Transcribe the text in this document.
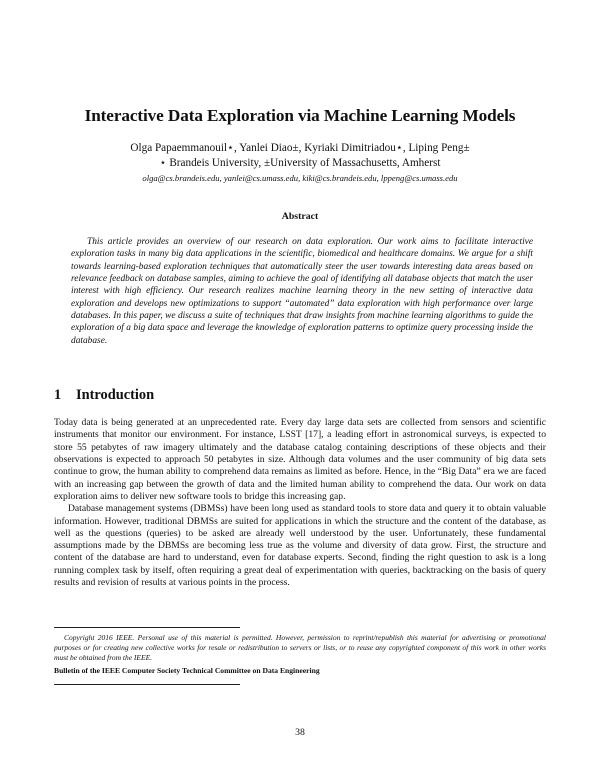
Interactive Data Exploration via Machine Learning Models
Olga Papaemmanouil⋆, Yanlei Diao±, Kyriaki Dimitriadou⋆, Liping Peng±
⋆ Brandeis University, ±University of Massachusetts, Amherst
olga@cs.brandeis.edu, yanlei@cs.umass.edu, kiki@cs.brandeis.edu, lppeng@cs.umass.edu
Abstract

This article provides an overview of our research on data exploration. Our work aims to facilitate interactive exploration tasks in many big data applications in the scientific, biomedical and healthcare domains. We argue for a shift towards learning-based exploration techniques that automatically steer the user towards interesting data areas based on relevance feedback on database samples, aiming to achieve the goal of identifying all database objects that match the user interest with high efficiency. Our research realizes machine learning theory in the new setting of interactive data exploration and develops new optimizations to support “automated” data exploration with high performance over large databases. In this paper, we discuss a suite of techniques that draw insights from machine learning algorithms to guide the exploration of a big data space and leverage the knowledge of exploration patterns to optimize query processing inside the database.

1 Introduction

Today data is being generated at an unprecedented rate. Every day large data sets are collected from sensors and scientific instruments that monitor our environment. For instance, LSST [17], a leading effort in astronomical surveys, is expected to store 55 petabytes of raw imagery ultimately and the database catalog containing descriptions of these objects and their observations is expected to approach 50 petabytes in size. Although data volumes and the user community of big data sets continue to grow, the human ability to comprehend data remains as limited as before. Hence, in the “Big Data” era we are faced with an increasing gap between the growth of data and the limited human ability to comprehend the data. Our work on data exploration aims to deliver new software tools to bridge this increasing gap.

Database management systems (DBMSs) have been long used as standard tools to store data and query it to obtain valuable information. However, traditional DBMSs are suited for applications in which the structure and the content of the database, as well as the questions (queries) to be asked are already well understood by the user. Unfortunately, these fundamental assumptions made by the DBMSs are becoming less true as the volume and diversity of data grow. First, the structure and content of the database are hard to understand, even for database experts. Second, finding the right question to ask is a long running complex task by itself, often requiring a great deal of experimentation with queries, backtracking on the basis of query results and revision of results at various points in the process.

Copyright 2016 IEEE. Personal use of this material is permitted. However, permission to reprint/republish this material for advertising or promotional purposes or for creating new collective works for resale or redistribution to servers or lists, or to reuse any copyrighted component of this work in other works must be obtained from the IEEE.

Bulletin of the IEEE Computer Society Technical Committee on Data Engineering
38
